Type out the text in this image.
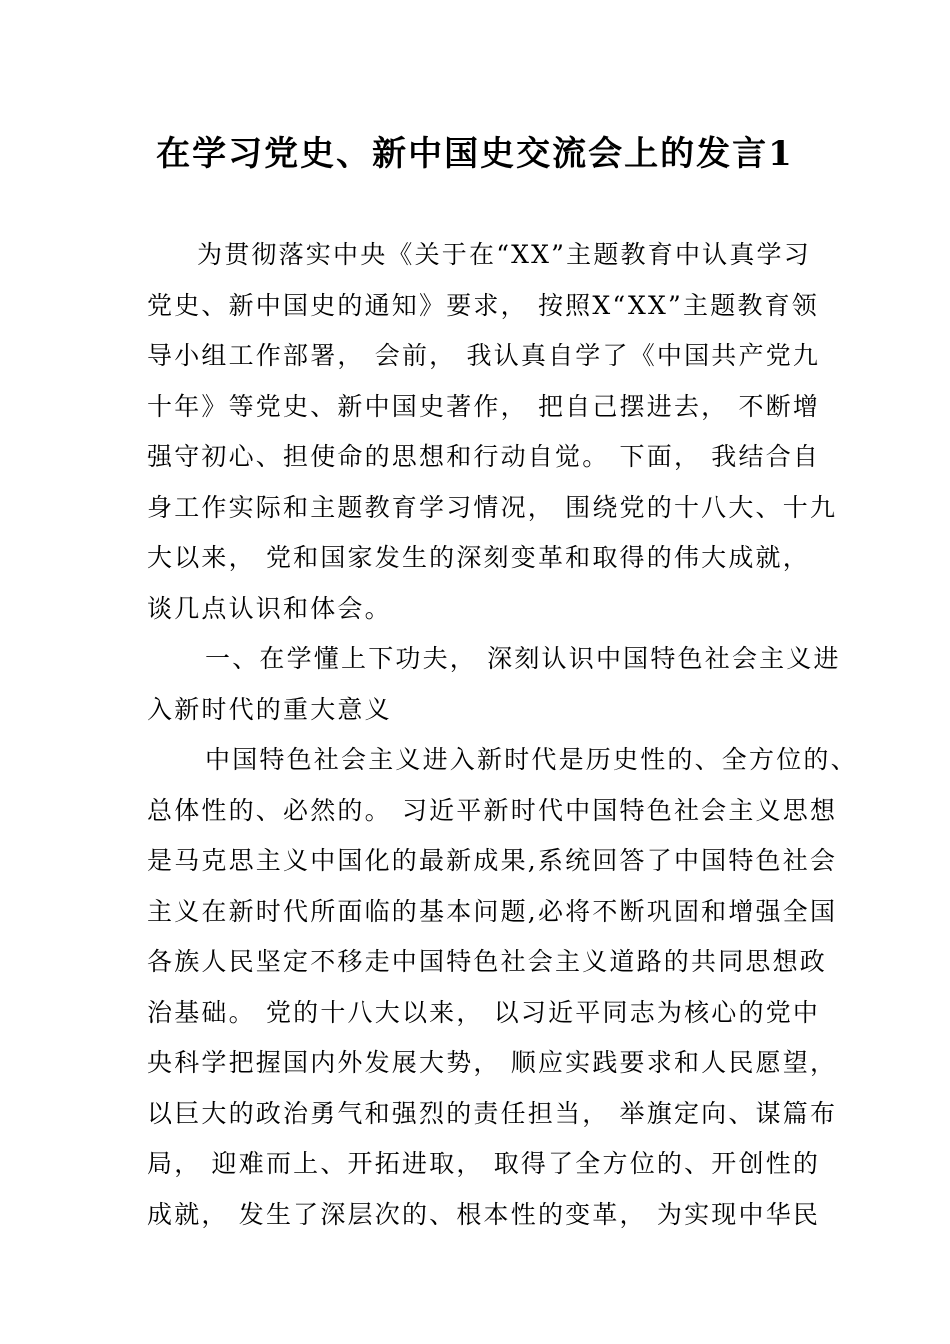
在学习党史、新中国史交流会上的发言1
为贯彻落实中央《关于在“XX”主题教育中认真学习
党史、新中国史的通知》要求， 按照X“XX”主题教育领
导小组工作部署， 会前， 我认真自学了《中国共产党九
十年》等党史、新中国史著作， 把自己摆进去， 不断增
强守初心、担使命的思想和行动自觉。 下面， 我结合自
身工作实际和主题教育学习情况， 围绕党的十八大、十九
大以来， 党和国家发生的深刻变革和取得的伟大成就，
谈几点认识和体会。
一、在学懂上下功夫， 深刻认识中国特色社会主义进
入新时代的重大意义
中国特色社会主义进入新时代是历史性的、全方位的、
总体性的、必然的。 习近平新时代中国特色社会主义思想
是马克思主义中国化的最新成果,系统回答了中国特色社会
主义在新时代所面临的基本问题,必将不断巩固和增强全国
各族人民坚定不移走中国特色社会主义道路的共同思想政
治基础。 党的十八大以来， 以习近平同志为核心的党中
央科学把握国内外发展大势， 顺应实践要求和人民愿望，
以巨大的政治勇气和强烈的责任担当， 举旗定向、谋篇布
局， 迎难而上、开拓进取， 取得了全方位的、开创性的
成就， 发生了深层次的、根本性的变革， 为实现中华民
